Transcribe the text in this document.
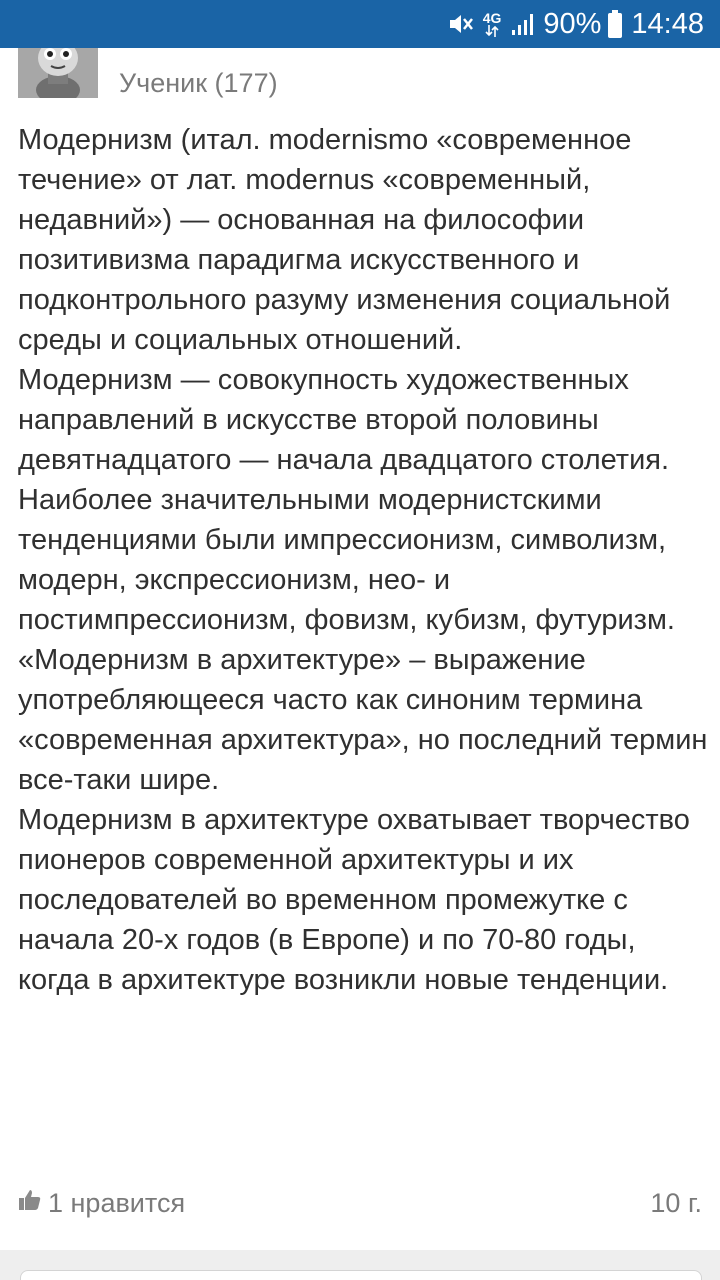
4G 90% 14:48
Ученик (177)

Модернизм (итал. modernismo «современное течение» от лат. modernus «современный, недавний») — основанная на философии позитивизма парадигма искусственного и подконтрольного разуму изменения социальной среды и социальных отношений.

Модернизм — совокупность художественных направлений в искусстве второй половины девятнадцатого — начала двадцатого столетия. Наиболее значительными модернистскими тенденциями были импрессионизм, символизм, модерн, экспрессионизм, нео- и постимпрессионизм, фовизм, кубизм, футуризм.

«Модернизм в архитектуре» – выражение употребляющееся часто как синоним термина «современная архитектура», но последний термин все-таки шире.

Модернизм в архитектуре охватывает творчество пионеров современной архитектуры и их последователей во временном промежутке с начала 20-х годов (в Европе) и по 70-80 годы, когда в архитектуре возникли новые тенденции.

1 нравится	10 г.
